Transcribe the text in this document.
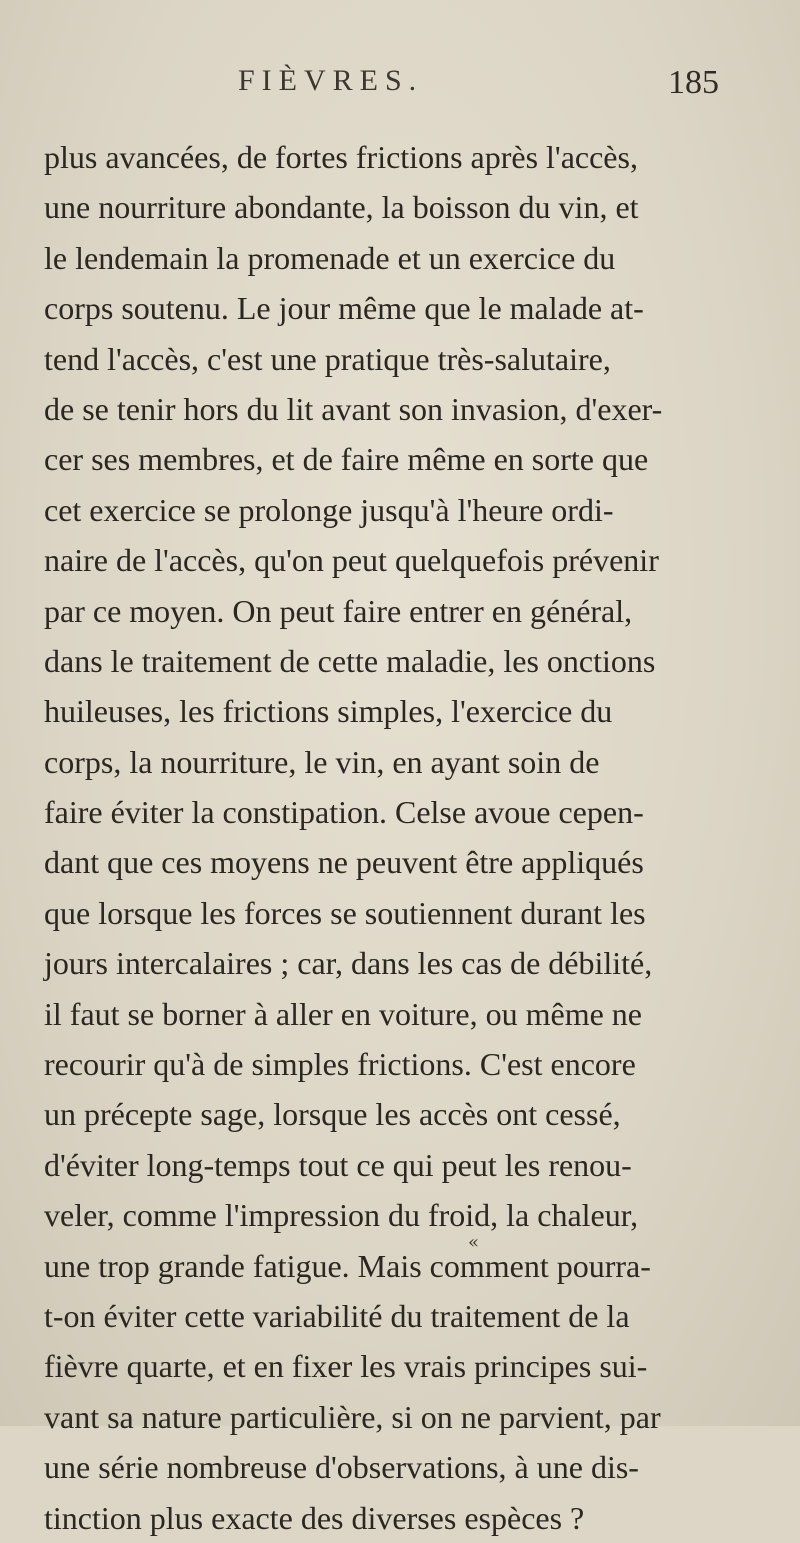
FIÈVRES.	185
plus avancées, de fortes frictions après l'accès,
une nourriture abondante, la boisson du vin, et
le lendemain la promenade et un exercice du
corps soutenu. Le jour même que le malade at-
tend l'accès, c'est une pratique très-salutaire,
de se tenir hors du lit avant son invasion, d'exer-
cer ses membres, et de faire même en sorte que
cet exercice se prolonge jusqu'à l'heure ordi-
naire de l'accès, qu'on peut quelquefois prévenir
par ce moyen. On peut faire entrer en général,
dans le traitement de cette maladie, les onctions
huileuses, les frictions simples, l'exercice du
corps, la nourriture, le vin, en ayant soin de
faire éviter la constipation. Celse avoue cepen-
dant que ces moyens ne peuvent être appliqués
que lorsque les forces se soutiennent durant les
jours intercalaires ; car, dans les cas de débilité,
il faut se borner à aller en voiture, ou même ne
recourir qu'à de simples frictions. C'est encore
un précepte sage, lorsque les accès ont cessé,
d'éviter long-temps tout ce qui peut les renou-
veler, comme l'impression du froid, la chaleur,
une trop grande fatigue. Mais comment pourra-
t-on éviter cette variabilité du traitement de la
fièvre quarte, et en fixer les vrais principes sui-
vant sa nature particulière, si on ne parvient, par
une série nombreuse d'observations, à une dis-
tinction plus exacte des diverses espèces ?
«
